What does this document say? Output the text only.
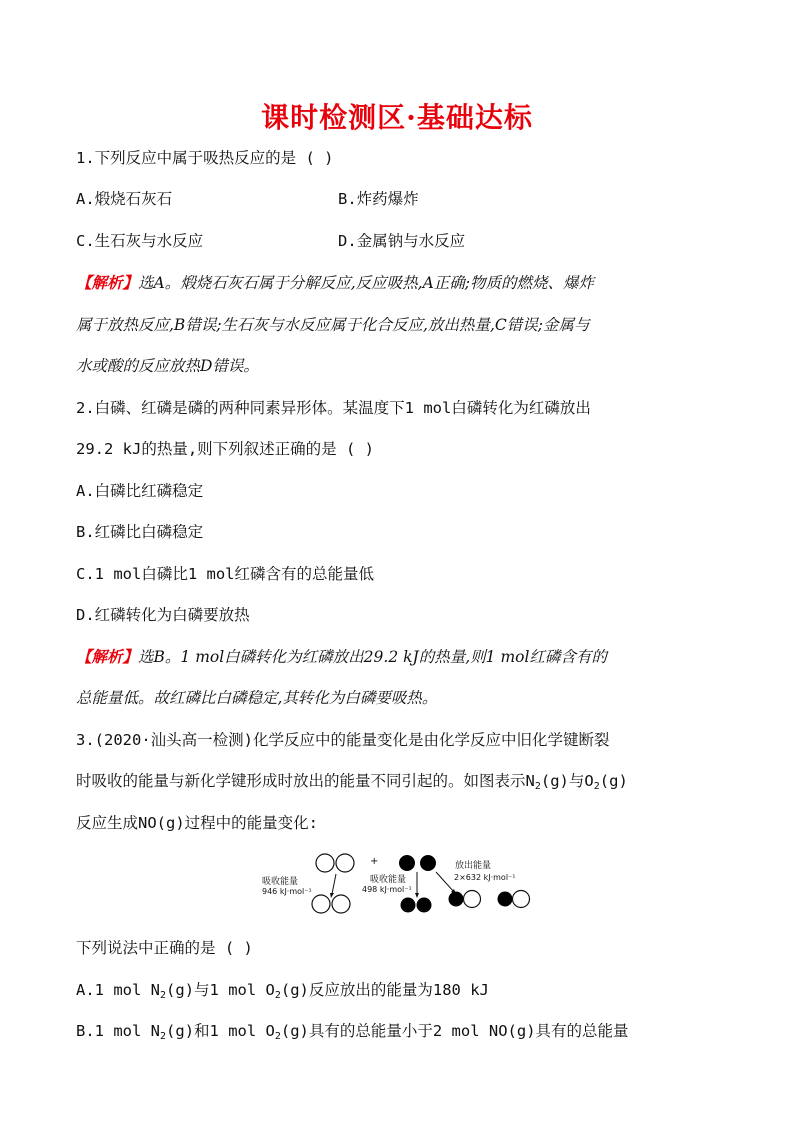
课时检测区·基础达标
1.下列反应中属于吸热反应的是 ( )
A.煅烧石灰石	B.炸药爆炸
C.生石灰与水反应	D.金属钠与水反应
【解析】选A。煅烧石灰石属于分解反应,反应吸热,A正确;物质的燃烧、爆炸
属于放热反应,B错误;生石灰与水反应属于化合反应,放出热量,C错误;金属与
水或酸的反应放热D错误。
2.白磷、红磷是磷的两种同素异形体。某温度下1 mol白磷转化为红磷放出
29.2 kJ的热量,则下列叙述正确的是 ( )
A.白磷比红磷稳定
B.红磷比白磷稳定
C.1 mol白磷比1 mol红磷含有的总能量低
D.红磷转化为白磷要放热
【解析】选B。1 mol白磷转化为红磷放出29.2 kJ的热量,则1 mol红磷含有的
总能量低。故红磷比白磷稳定,其转化为白磷要吸热。
3.(2020·汕头高一检测)化学反应中的能量变化是由化学反应中旧化学键断裂
时吸收的能量与新化学键形成时放出的能量不同引起的。如图表示$N_2(g)$与$O_2(g)$
反应生成NO(g)过程中的能量变化:
吸收能量
946 kJ·mol⁻¹
+
吸收能量
498 kJ·mol⁻¹
放出能量
2×632 kJ·mol⁻¹
下列说法中正确的是 ( )
A.1 mol $N_2(g)$与1 mol $O_2(g)$反应放出的能量为180 kJ
B.1 mol $N_2(g)$和1 mol $O_2(g)$具有的总能量小于2 mol NO(g)具有的总能量
